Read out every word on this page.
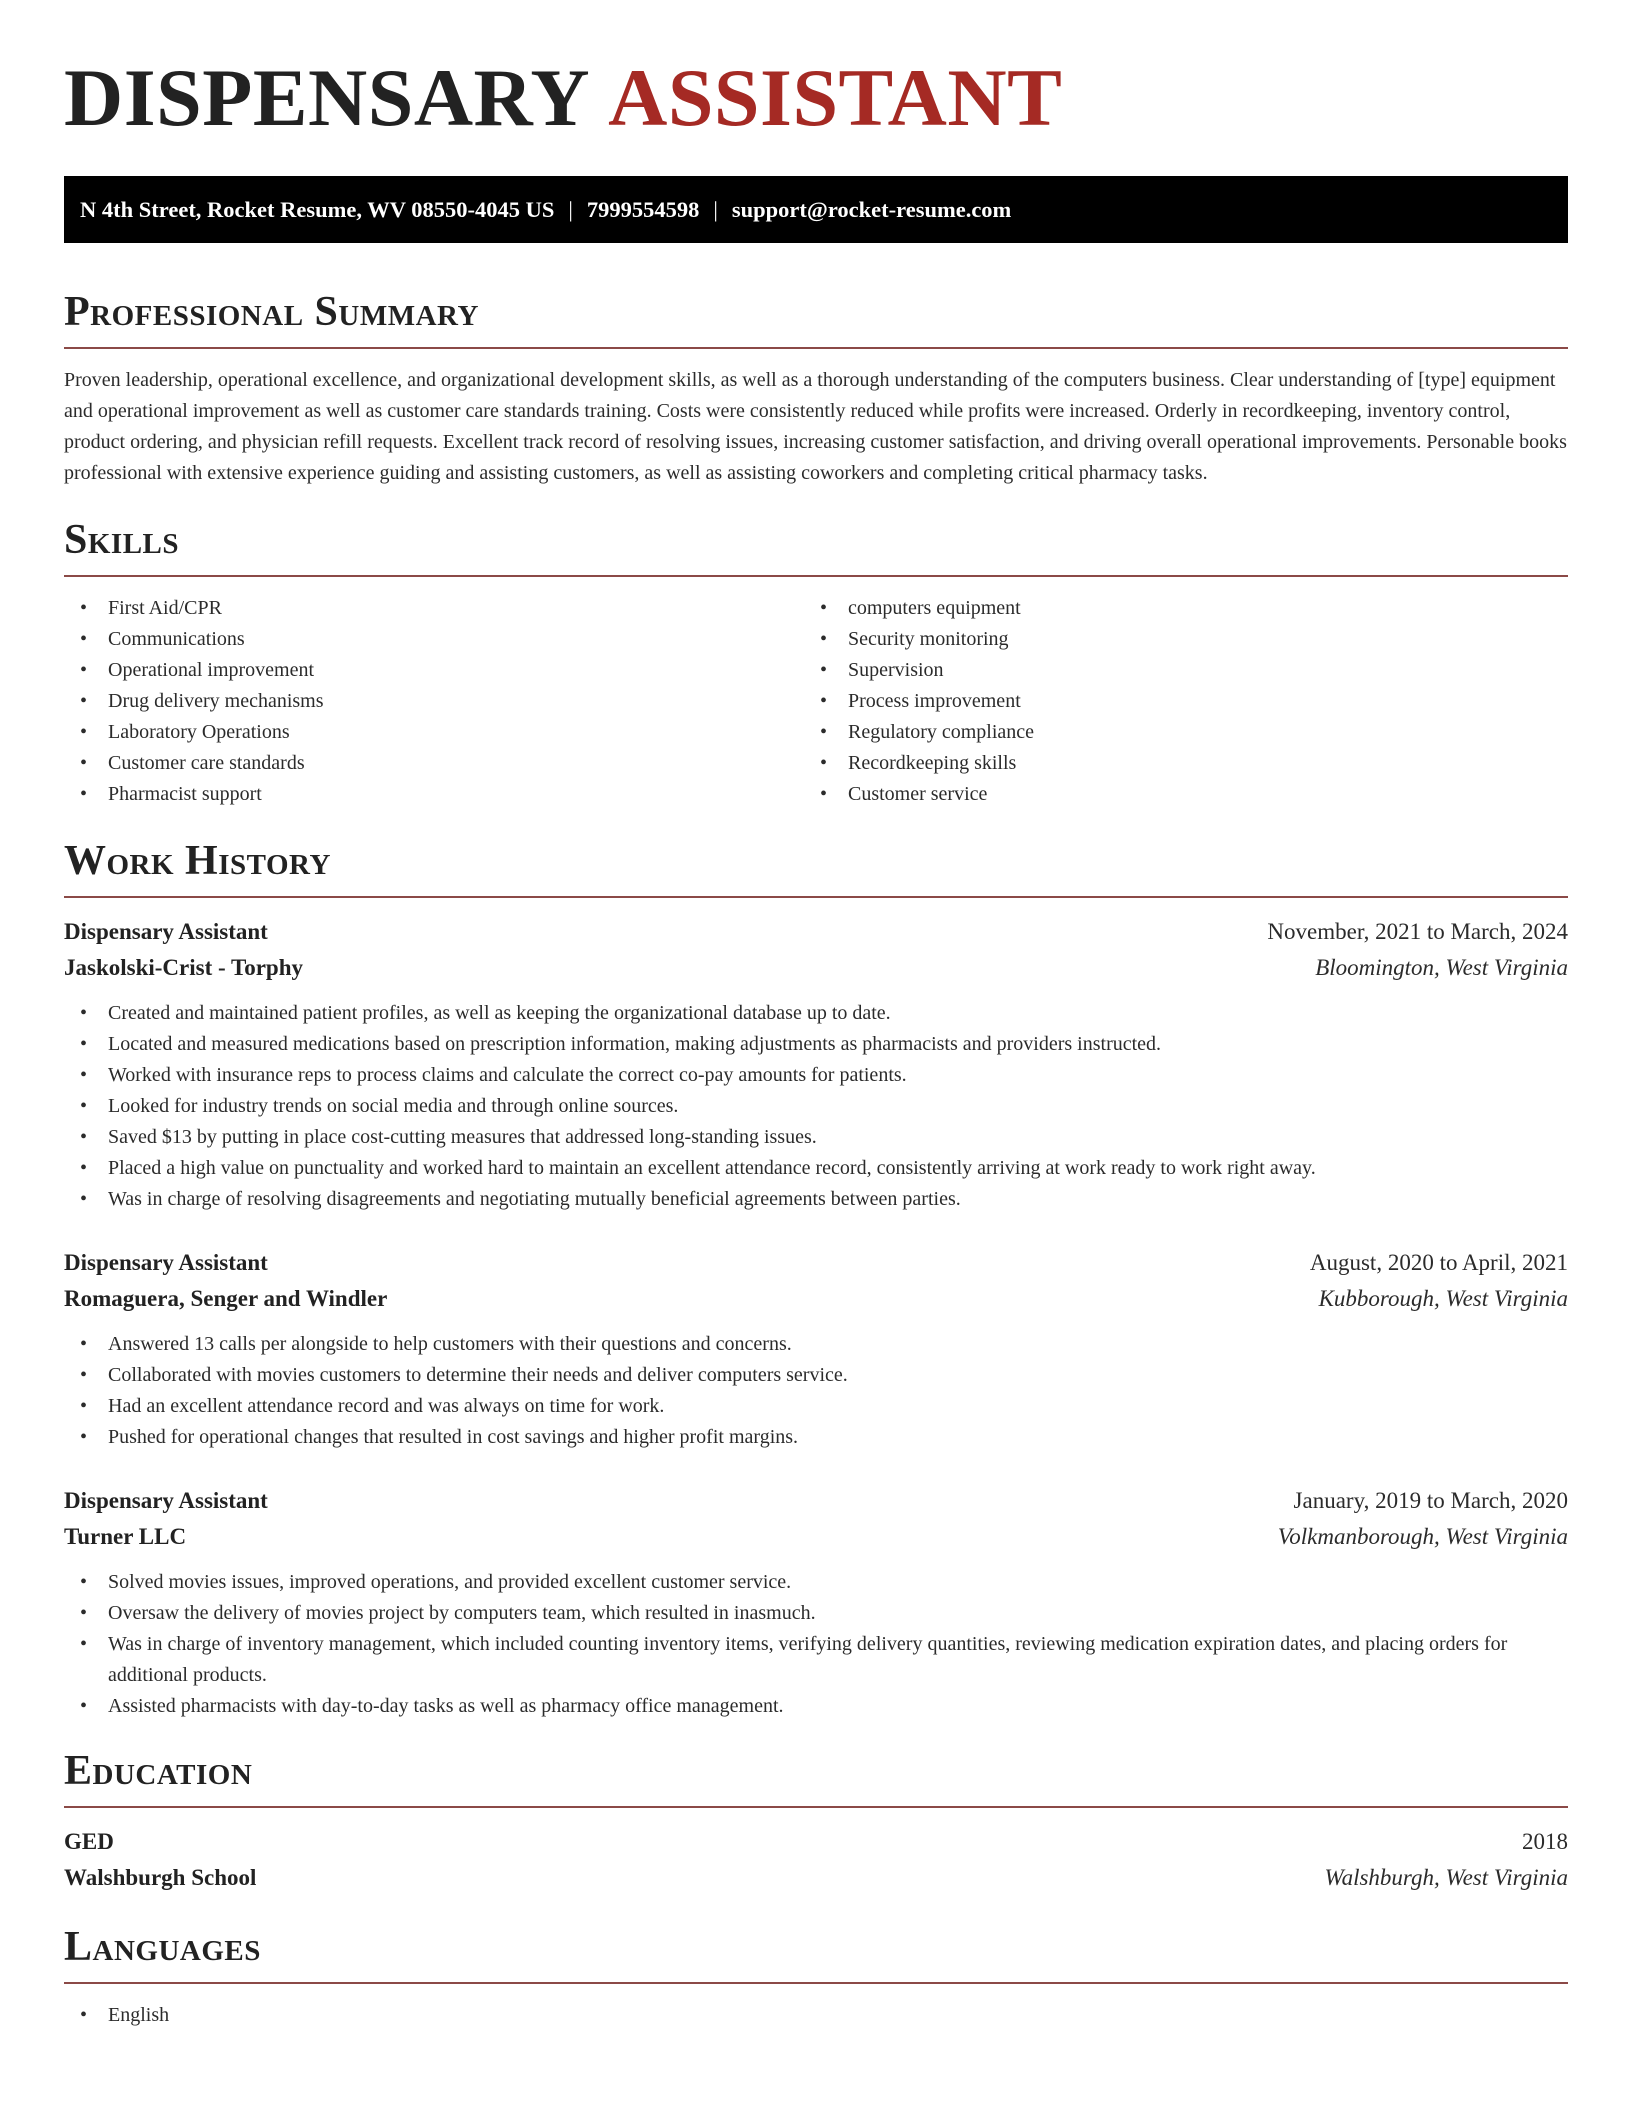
DISPENSARY ASSISTANT
N 4th Street, Rocket Resume, WV 08550-4045 US | 7999554598 | support@rocket-resume.com
Professional Summary

Proven leadership, operational excellence, and organizational development skills, as well as a thorough understanding of the computers business. Clear understanding of [type] equipment and operational improvement as well as customer care standards training. Costs were consistently reduced while profits were increased. Orderly in recordkeeping, inventory control, product ordering, and physician refill requests. Excellent track record of resolving issues, increasing customer satisfaction, and driving overall operational improvements. Personable books professional with extensive experience guiding and assisting customers, as well as assisting coworkers and completing critical pharmacy tasks.

Skills
• First Aid/CPR
• Communications
• Operational improvement
• Drug delivery mechanisms
• Laboratory Operations
• Customer care standards
• Pharmacist support
• computers equipment
• Security monitoring
• Supervision
• Process improvement
• Regulatory compliance
• Recordkeeping skills
• Customer service
Work History
Dispensary Assistant	November, 2021 to March, 2024
Jaskolski-Crist - Torphy	Bloomington, West Virginia
• Created and maintained patient profiles, as well as keeping the organizational database up to date.
• Located and measured medications based on prescription information, making adjustments as pharmacists and providers instructed.
• Worked with insurance reps to process claims and calculate the correct co-pay amounts for patients.
• Looked for industry trends on social media and through online sources.
• Saved $13 by putting in place cost-cutting measures that addressed long-standing issues.
• Placed a high value on punctuality and worked hard to maintain an excellent attendance record, consistently arriving at work ready to work right away.
• Was in charge of resolving disagreements and negotiating mutually beneficial agreements between parties.
Dispensary Assistant	August, 2020 to April, 2021
Romaguera, Senger and Windler	Kubborough, West Virginia
• Answered 13 calls per alongside to help customers with their questions and concerns.
• Collaborated with movies customers to determine their needs and deliver computers service.
• Had an excellent attendance record and was always on time for work.
• Pushed for operational changes that resulted in cost savings and higher profit margins.
Dispensary Assistant	January, 2019 to March, 2020
Turner LLC	Volkmanborough, West Virginia
• Solved movies issues, improved operations, and provided excellent customer service.
• Oversaw the delivery of movies project by computers team, which resulted in inasmuch.
• Was in charge of inventory management, which included counting inventory items, verifying delivery quantities, reviewing medication expiration dates, and placing orders for additional products.
• Assisted pharmacists with day-to-day tasks as well as pharmacy office management.
Education
GED	2018
Walshburgh School	Walshburgh, West Virginia
Languages
• English
